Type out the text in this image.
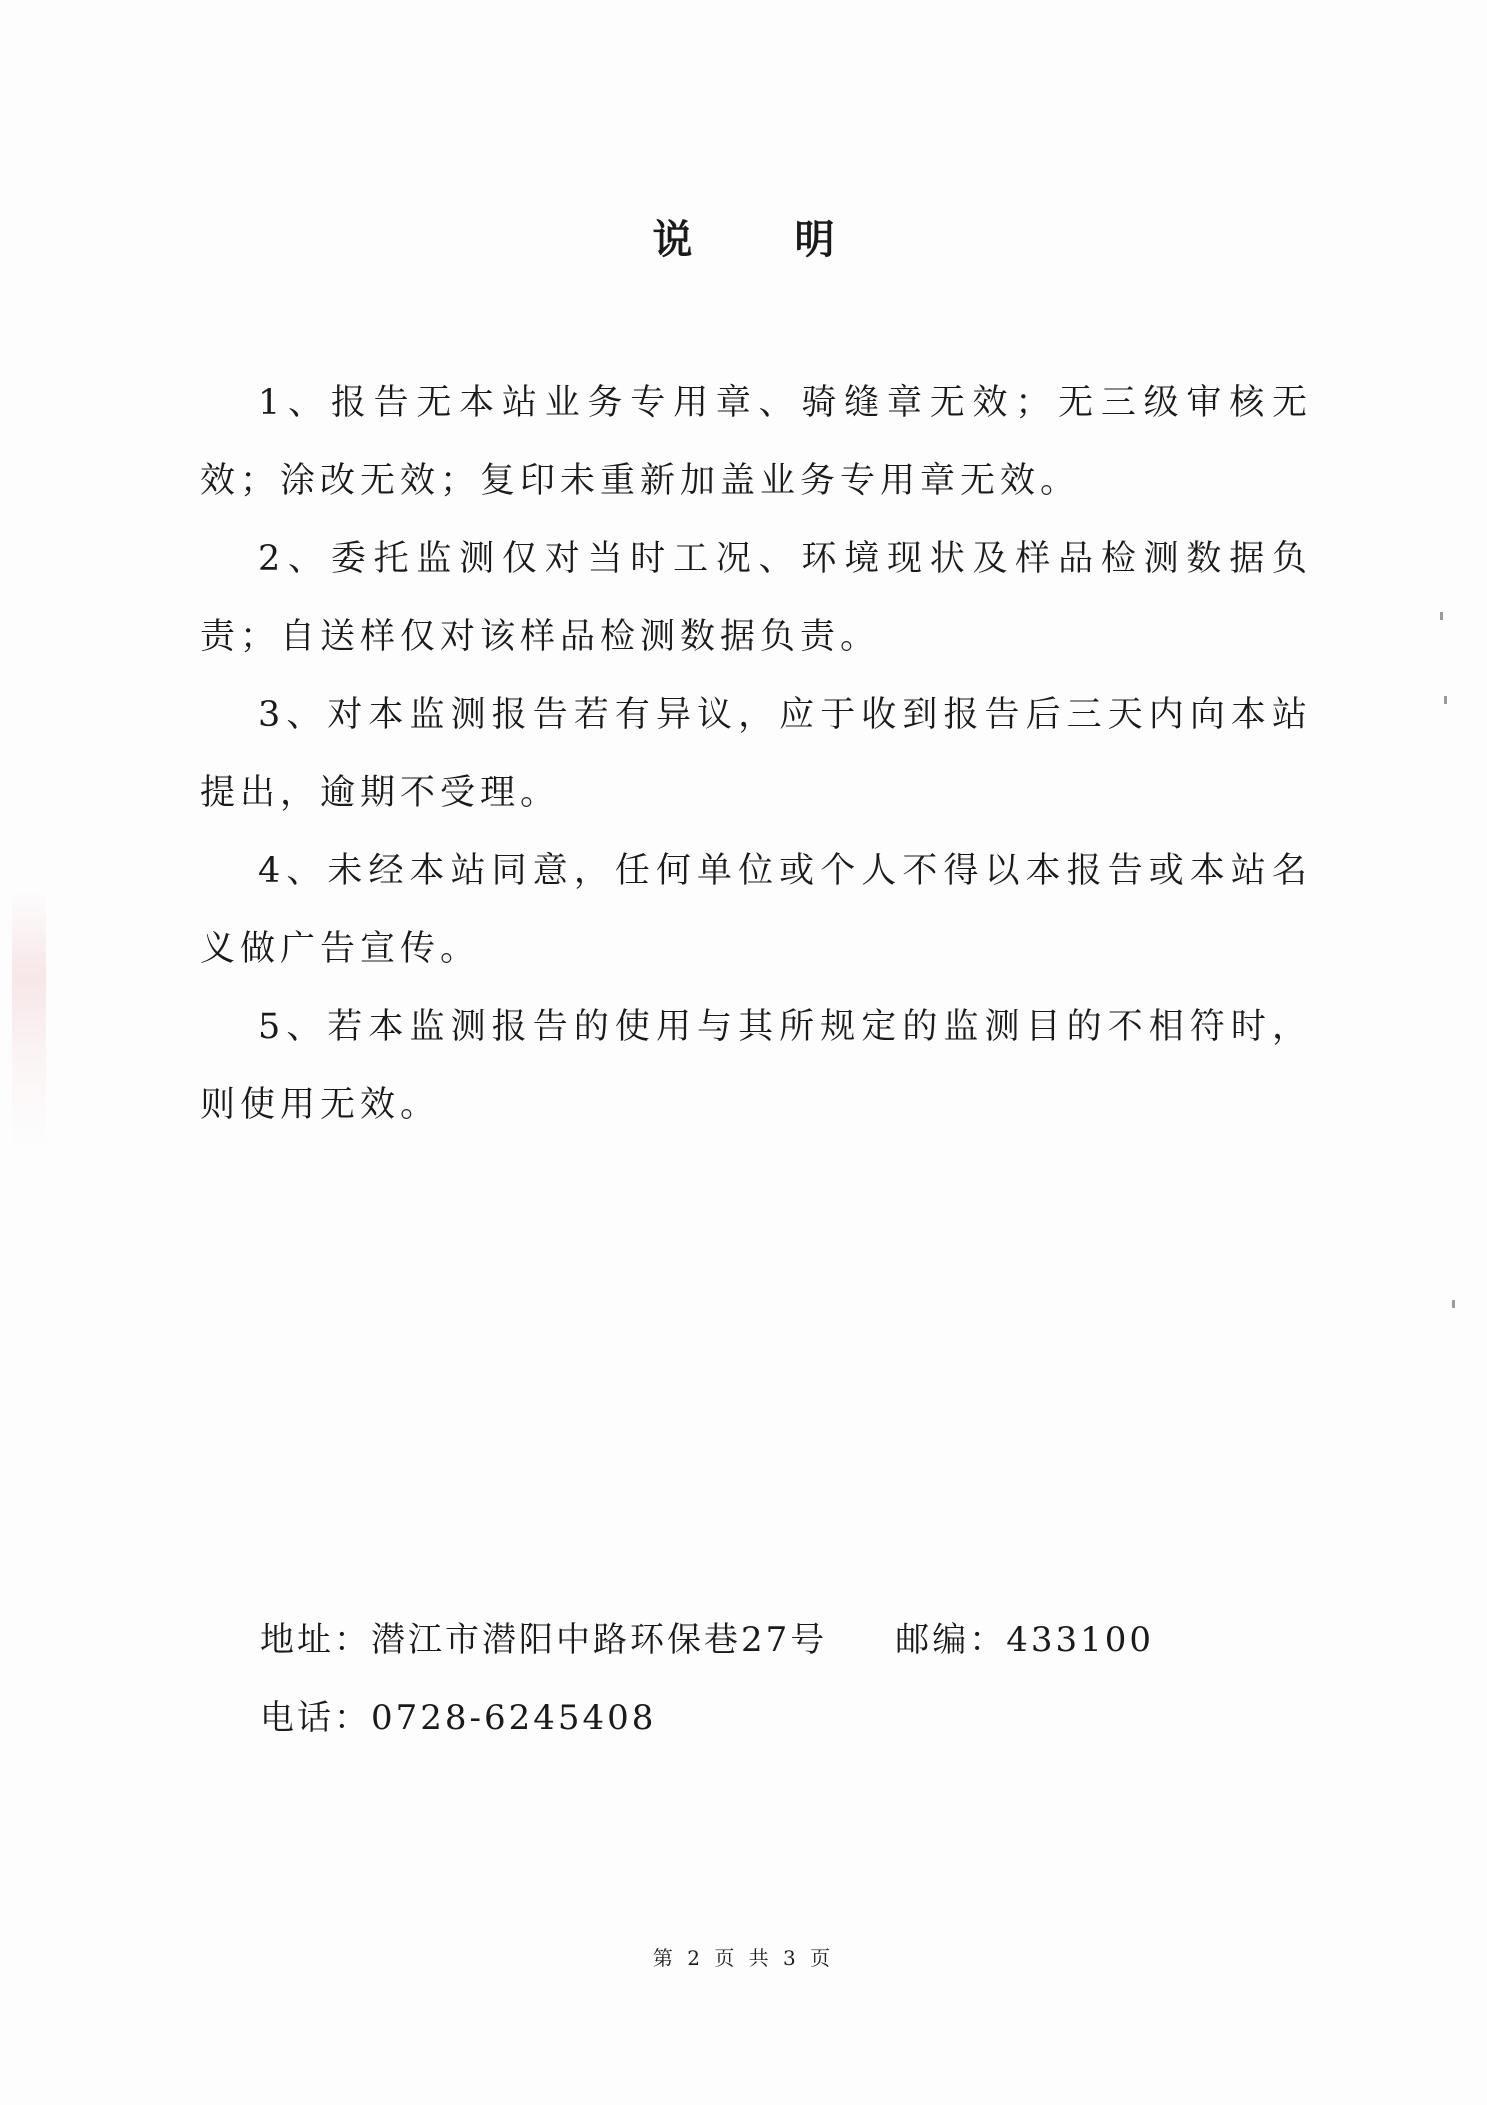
说 明

1、报告无本站业务专用章、骑缝章无效；无三级审核无效；涂改无效；复印未重新加盖业务专用章无效。

2、委托监测仅对当时工况、环境现状及样品检测数据负责；自送样仅对该样品检测数据负责。

3、对本监测报告若有异议，应于收到报告后三天内向本站提出，逾期不受理。

4、未经本站同意，任何单位或个人不得以本报告或本站名义做广告宣传。

5、若本监测报告的使用与其所规定的监测目的不相符时，则使用无效。

地址：潜江市潜阳中路环保巷27号 邮编：433100
电话：0728-6245408
第 2 页 共 3 页
